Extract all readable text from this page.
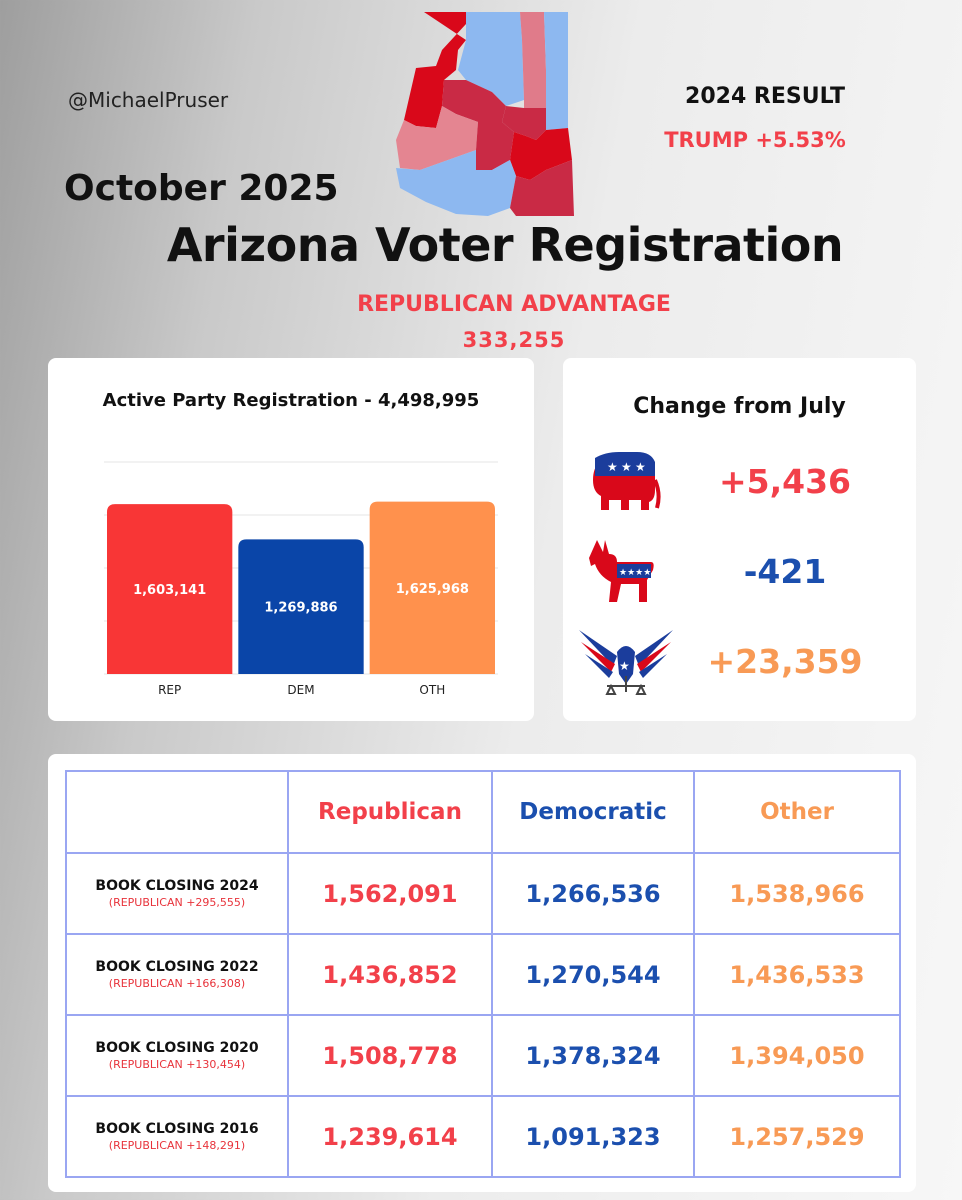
@MichaelPruser	2024 RESULT
TRUMP +5.53%
October 2025
Arizona Voter Registration
REPUBLICAN ADVANTAGE
333,255
Active Party Registration - 4,498,995
1,603,141
REP
1,269,886
DEM
1,625,968
OTH
Change from July
★ ★ ★
★★★★
★
+5,436
-421
+23,359
	Republican	Democratic	Other

BOOK CLOSING 2024
(REPUBLICAN +295,555)	1,562,091	1,266,536	1,538,966

BOOK CLOSING 2022
(REPUBLICAN +166,308)	1,436,852	1,270,544	1,436,533

BOOK CLOSING 2020
(REPUBLICAN +130,454)	1,508,778	1,378,324	1,394,050

BOOK CLOSING 2016
(REPUBLICAN +148,291)	1,239,614	1,091,323	1,257,529
